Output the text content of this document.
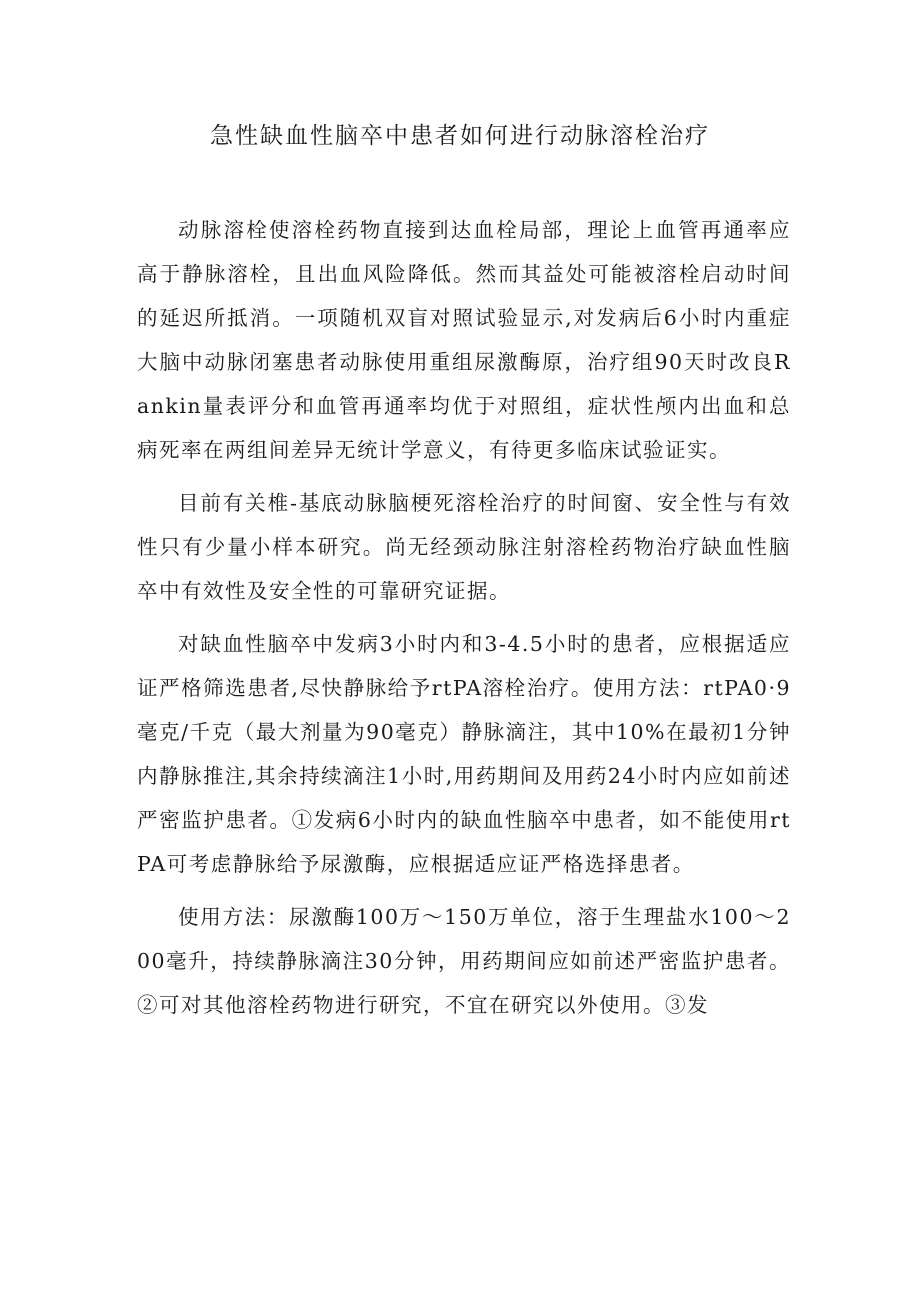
急性缺血性脑卒中患者如何进行动脉溶栓治疗

动脉溶栓使溶栓药物直接到达血栓局部，理论上血管再通率应高于静脉溶栓，且出血风险降低。然而其益处可能被溶栓启动时间的延迟所抵消。一项随机双盲对照试验显示,对发病后6小时内重症大脑中动脉闭塞患者动脉使用重组尿激酶原，治疗组90天时改良Rankin量表评分和血管再通率均优于对照组，症状性颅内出血和总病死率在两组间差异无统计学意义，有待更多临床试验证实。

目前有关椎-基底动脉脑梗死溶栓治疗的时间窗、安全性与有效性只有少量小样本研究。尚无经颈动脉注射溶栓药物治疗缺血性脑卒中有效性及安全性的可靠研究证据。

对缺血性脑卒中发病3小时内和3-4.5小时的患者，应根据适应证严格筛选患者,尽快静脉给予rtPA溶栓治疗。使用方法：rtPA0·9毫克/千克（最大剂量为90毫克）静脉滴注，其中10%在最初1分钟内静脉推注,其余持续滴注1小时,用药期间及用药24小时内应如前述严密监护患者。①发病6小时内的缺血性脑卒中患者，如不能使用rtPA可考虑静脉给予尿激酶，应根据适应证严格选择患者。

使用方法：尿激酶100万～150万单位，溶于生理盐水100～200毫升，持续静脉滴注30分钟，用药期间应如前述严密监护患者。②可对其他溶栓药物进行研究，不宜在研究以外使用。③发
